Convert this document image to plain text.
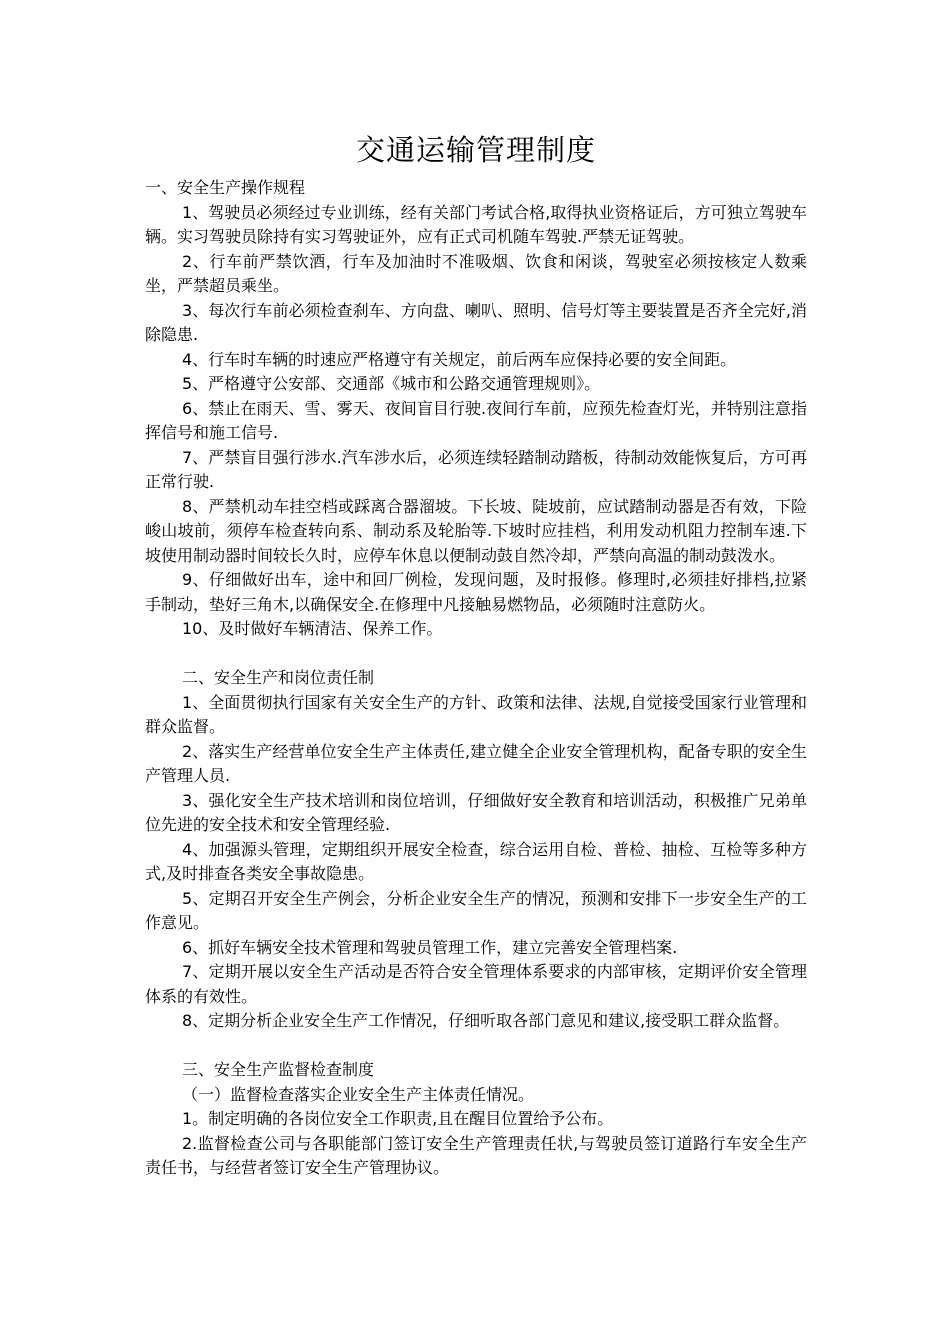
交通运输管理制度

一、安全生产操作规程

1、驾驶员必须经过专业训练，经有关部门考试合格,取得执业资格证后，方可独立驾驶车辆。实习驾驶员除持有实习驾驶证外，应有正式司机随车驾驶.严禁无证驾驶。

2、行车前严禁饮酒，行车及加油时不准吸烟、饮食和闲谈，驾驶室必须按核定人数乘坐，严禁超员乘坐。

3、每次行车前必须检查刹车、方向盘、喇叭、照明、信号灯等主要装置是否齐全完好,消除隐患.

4、行车时车辆的时速应严格遵守有关规定，前后两车应保持必要的安全间距。

5、严格遵守公安部、交通部《城市和公路交通管理规则》。

6、禁止在雨天、雪、雾天、夜间盲目行驶.夜间行车前，应预先检查灯光，并特别注意指挥信号和施工信号.

7、严禁盲目强行涉水.汽车涉水后，必须连续轻踏制动踏板，待制动效能恢复后，方可再正常行驶.

8、严禁机动车挂空档或踩离合器溜坡。下长坡、陡坡前，应试踏制动器是否有效，下险峻山坡前，须停车检查转向系、制动系及轮胎等.下坡时应挂档，利用发动机阻力控制车速.下坡使用制动器时间较长久时，应停车休息以便制动鼓自然冷却，严禁向高温的制动鼓泼水。

9、仔细做好出车，途中和回厂例检，发现问题，及时报修。修理时,必须挂好排档,拉紧手制动，垫好三角木,以确保安全.在修理中凡接触易燃物品，必须随时注意防火。

10、及时做好车辆清洁、保养工作。

二、安全生产和岗位责任制

1、全面贯彻执行国家有关安全生产的方针、政策和法律、法规,自觉接受国家行业管理和群众监督。

2、落实生产经营单位安全生产主体责任,建立健全企业安全管理机构，配备专职的安全生产管理人员.

3、强化安全生产技术培训和岗位培训，仔细做好安全教育和培训活动，积极推广兄弟单位先进的安全技术和安全管理经验.

4、加强源头管理，定期组织开展安全检查，综合运用自检、普检、抽检、互检等多种方式,及时排查各类安全事故隐患。

5、定期召开安全生产例会，分析企业安全生产的情况，预测和安排下一步安全生产的工作意见。

6、抓好车辆安全技术管理和驾驶员管理工作，建立完善安全管理档案.

7、定期开展以安全生产活动是否符合安全管理体系要求的内部审核，定期评价安全管理体系的有效性。

8、定期分析企业安全生产工作情况，仔细听取各部门意见和建议,接受职工群众监督。

三、安全生产监督检查制度

（一）监督检查落实企业安全生产主体责任情况。

1。制定明确的各岗位安全工作职责,且在醒目位置给予公布。

2.监督检查公司与各职能部门签订安全生产管理责任状,与驾驶员签订道路行车安全生产责任书，与经营者签订安全生产管理协议。
